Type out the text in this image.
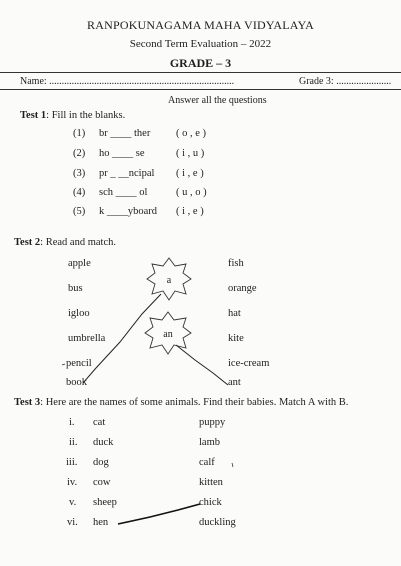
RANPOKUNAGAMA MAHA VIDYALAYA
Second Term Evaluation – 2022
GRADE – 3
Name: ..........................................................................	Grade 3: ......................
Answer all the questions
Test 1: Fill in the blanks.
(1) br ____ ther ( o , e )
(2) ho ____ se	( i , u )
(3) pr _ __ncipal ( i , e )
(4) sch ____ ol	( u , o )
(5) k ____yboard ( i , e )
Test 2: Read and match.
apple
bus
igloo
umbrella
pencil
book
fish
orange
hat
kite
ice-cream
ant
Test 3: Here are the names of some animals. Find their babies. Match A with B.
i. cat	puppy
ii. duck	lamb
iii. dog	calf
iv. cow	kitten
v. sheep	chick
vi. hen	duckling
a
an
